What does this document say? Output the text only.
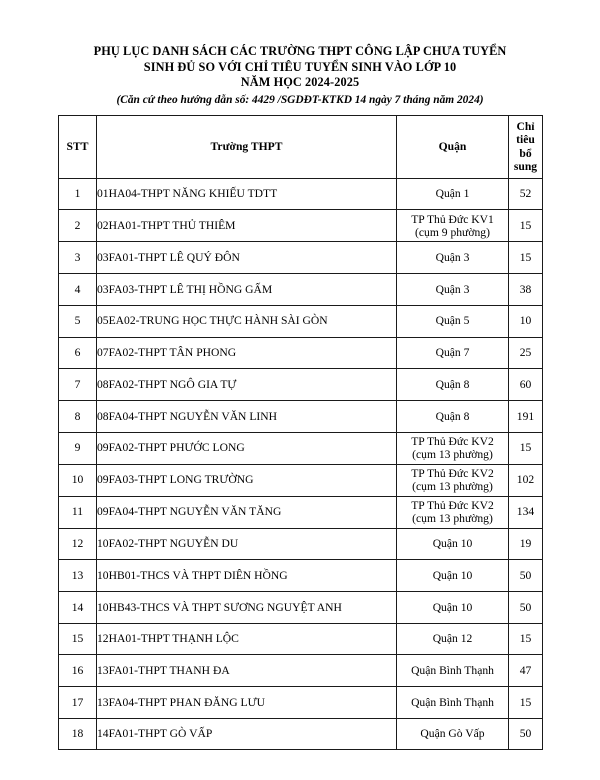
PHỤ LỤC DANH SÁCH CÁC TRƯỜNG THPT CÔNG LẬP CHƯA TUYỂN
SINH ĐỦ SO VỚI CHỈ TIÊU TUYỂN SINH VÀO LỚP 10
NĂM HỌC 2024-2025
(Căn cứ theo hướng dẫn số: 4429 /SGDĐT-KTKD 14 ngày 7 tháng năm 2024)
STT	Trường THPT	Quận	Chỉ
tiêu
bổ
sung

1	01HA04-THPT NĂNG KHIẾU TDTT	Quận 1	52
2	02HA01-THPT THỦ THIÊM	TP Thủ Đức KV1
(cụm 9 phường)	15
3	03FA01-THPT LÊ QUÝ ĐÔN	Quận 3	15
4	03FA03-THPT LÊ THỊ HỒNG GẤM	Quận 3	38
5	05EA02-TRUNG HỌC THỰC HÀNH SÀI GÒN	Quận 5	10
6	07FA02-THPT TÂN PHONG	Quận 7	25
7	08FA02-THPT NGÔ GIA TỰ	Quận 8	60
8	08FA04-THPT NGUYỄN VĂN LINH	Quận 8	191
9	09FA02-THPT PHƯỚC LONG	TP Thủ Đức KV2
(cụm 13 phường)	15
10	09FA03-THPT LONG TRƯỜNG	TP Thủ Đức KV2
(cụm 13 phường)	102
11	09FA04-THPT NGUYỄN VĂN TĂNG	TP Thủ Đức KV2
(cụm 13 phường)	134
12	10FA02-THPT NGUYỄN DU	Quận 10	19
13	10HB01-THCS VÀ THPT DIÊN HỒNG	Quận 10	50
14	10HB43-THCS VÀ THPT SƯƠNG NGUYỆT ANH	Quận 10	50
15	12HA01-THPT THẠNH LỘC	Quận 12	15
16	13FA01-THPT THANH ĐA	Quận Bình Thạnh	47
17	13FA04-THPT PHAN ĐĂNG LƯU	Quận Bình Thạnh	15
18	14FA01-THPT GÒ VẤP	Quận Gò Vấp	50
